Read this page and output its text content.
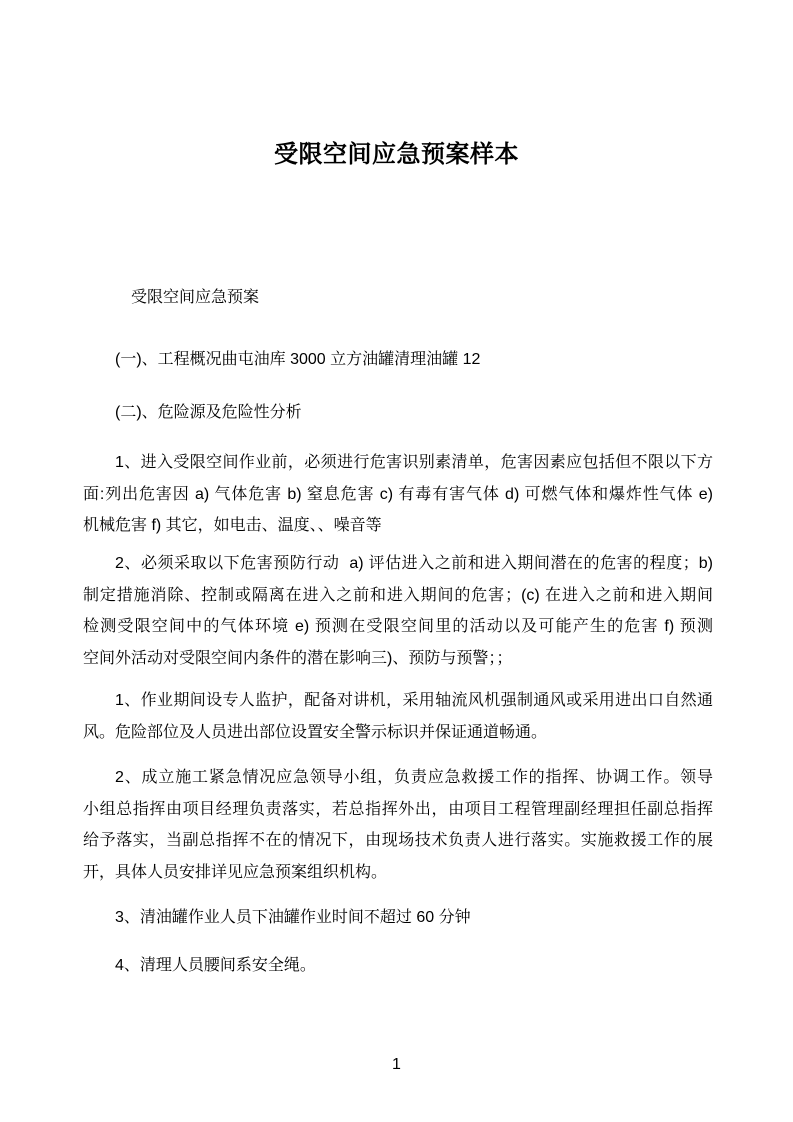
受限空间应急预案样本
受限空间应急预案
(一)、工程概况曲屯油库 3000 立方油罐清理油罐 12
(二)、危险源及危险性分析
1、进入受限空间作业前，必须进行危害识别素清单，危害因素应包括但不限以下方
面:列出危害因 a) 气体危害 b) 窒息危害 c) 有毒有害气体 d) 可燃气体和爆炸性气体 e)
机械危害 f) 其它，如电击、温度、、噪音等
2、必须采取以下危害预防行动  a) 评估进入之前和进入期间潜在的危害的程度；b)
制定措施消除、控制或隔离在进入之前和进入期间的危害；(c) 在进入之前和进入期间
检测受限空间中的气体环境 e) 预测在受限空间里的活动以及可能产生的危害 f) 预测
空间外活动对受限空间内条件的潜在影响三)、预防与预警；；
1、作业期间设专人监护，配备对讲机，采用轴流风机强制通风或采用进出口自然通
风。危险部位及人员进出部位设置安全警示标识并保证通道畅通。
2、成立施工紧急情况应急领导小组，负责应急救援工作的指挥、协调工作。领导
小组总指挥由项目经理负责落实，若总指挥外出，由项目工程管理副经理担任副总指挥
给予落实，当副总指挥不在的情况下，由现场技术负责人进行落实。实施救援工作的展
开，具体人员安排详见应急预案组织机构。
3、清油罐作业人员下油罐作业时间不超过 60 分钟
4、清理人员腰间系安全绳。
1
